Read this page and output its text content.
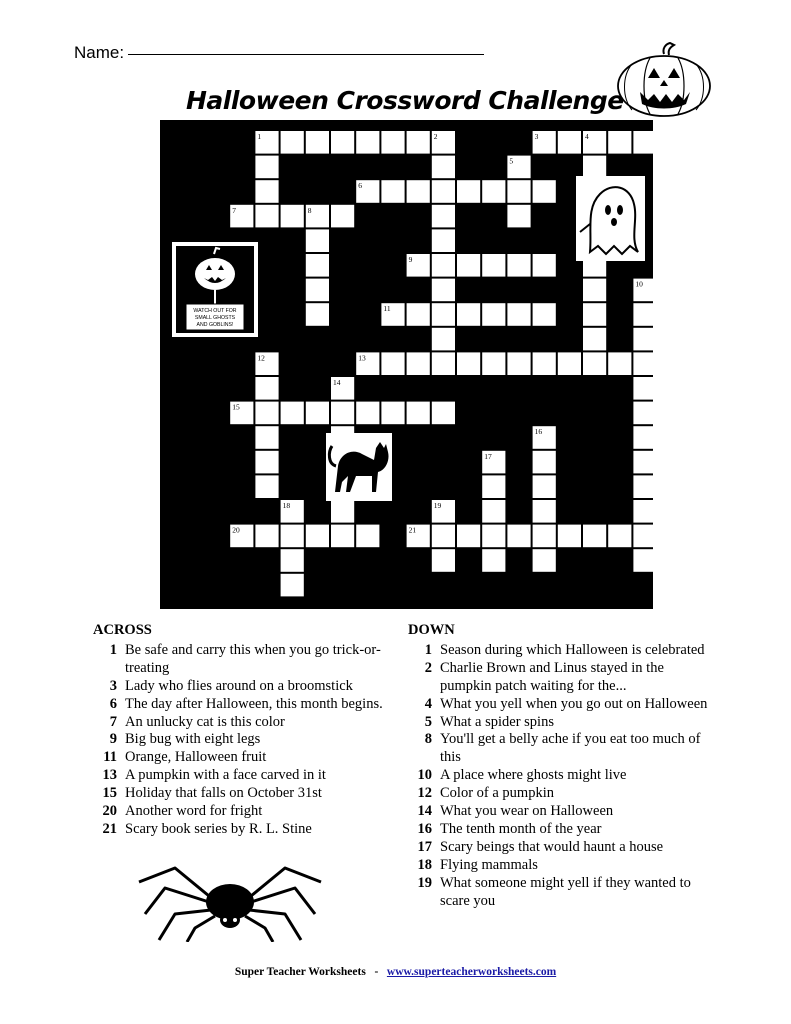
Name:
Halloween Crossword Challenge
1	3
6
7
9
11
13
15
20	21
2	4
5
8
10
12
14
16
17
18	19
WATCH OUT FOR
SMALL GHOSTS
AND GOBLINS!
ACROSS
1 Be safe and carry this when you go trick-or-treating
3 Lady who flies around on a broomstick
6 The day after Halloween, this month begins.
7 An unlucky cat is this color
9 Big bug with eight legs
11 Orange, Halloween fruit
13 A pumpkin with a face carved in it
15 Holiday that falls on October 31st
20 Another word for fright
21 Scary book series by R. L. Stine
DOWN
1 Season during which Halloween is celebrated
2 Charlie Brown and Linus stayed in the pumpkin patch waiting for the...
4 What you yell when you go out on Halloween
5 What a spider spins
8 You'll get a belly ache if you eat too much of this
10 A place where ghosts might live
12 Color of a pumpkin
14 What you wear on Halloween
16 The tenth month of the year
17 Scary beings that would haunt a house
18 Flying mammals
19 What someone might yell if they wanted to scare you
Super Teacher Worksheets - www.superteacherworksheets.com
